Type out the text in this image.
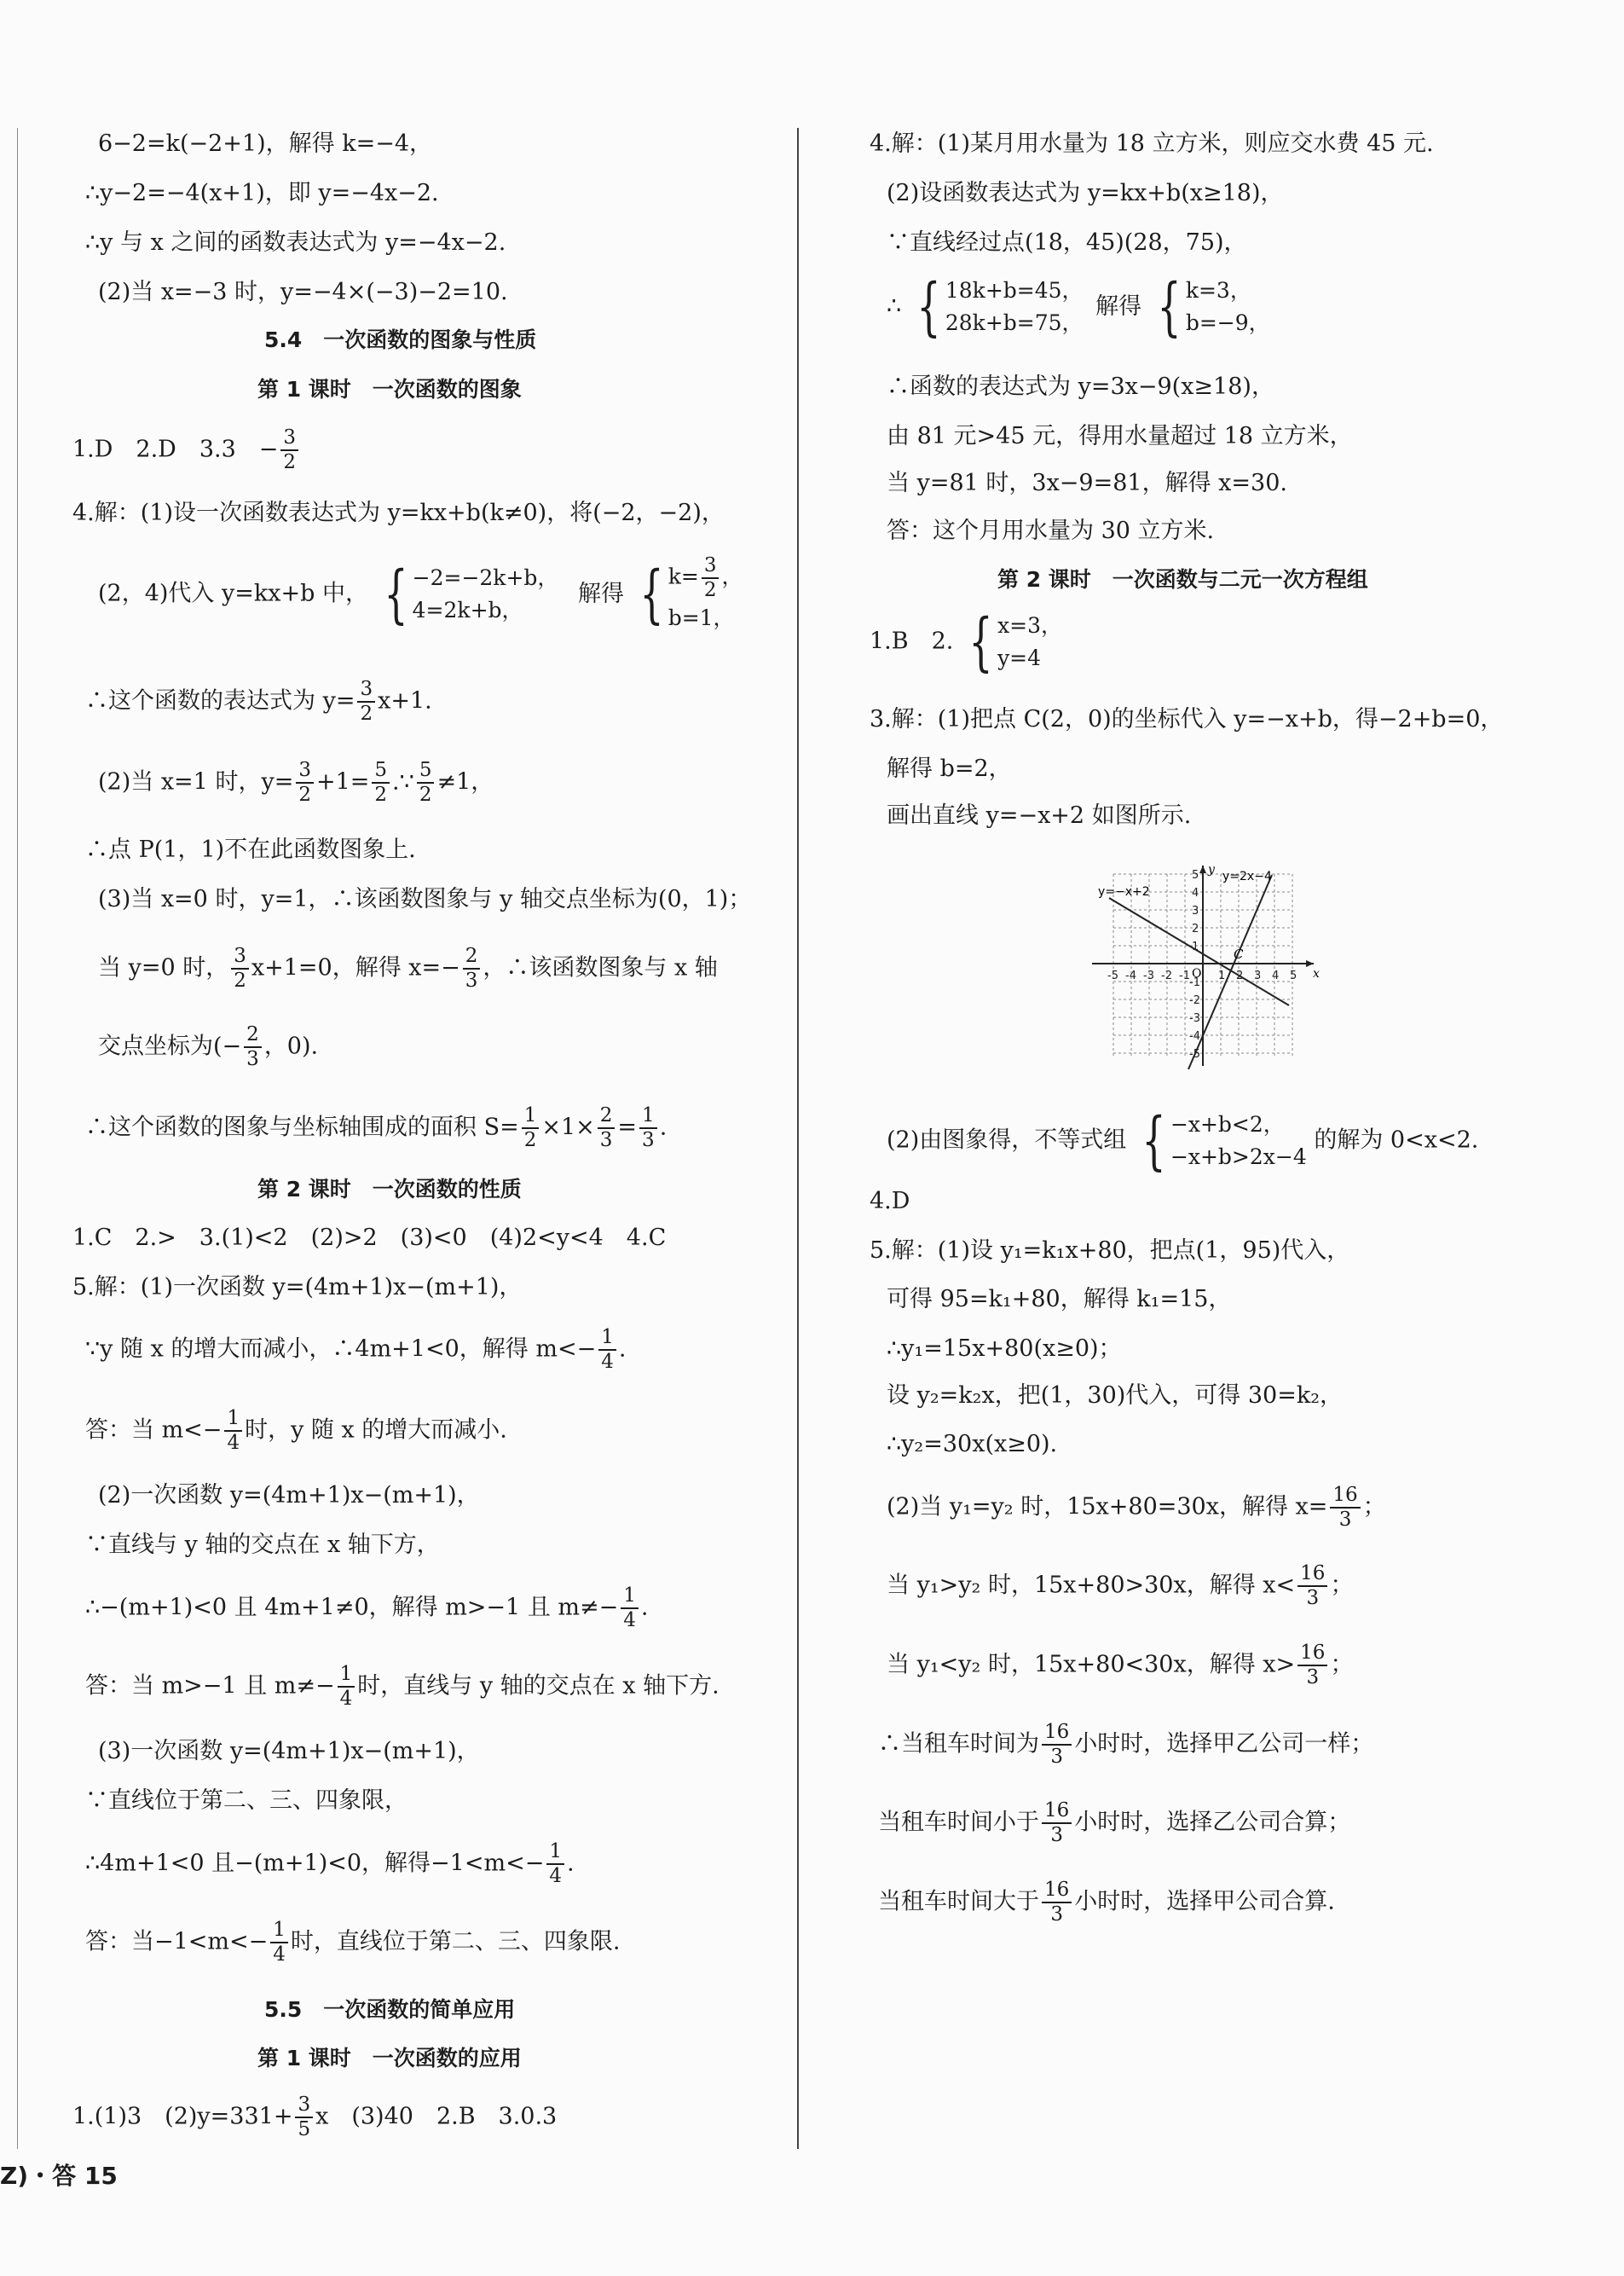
6−2=k(−2+1)，解得 k=−4，
∴y−2=−4(x+1)，即 y=−4x−2.
∴y 与 x 之间的函数表达式为 y=−4x−2.
(2)当 x=−3 时，y=−4×(−3)−2=10.
5.4　一次函数的图象与性质
第 1 课时　一次函数的图象
1.D　2.D　3.3　− $\frac{3}{2}$
4.解：(1)设一次函数表达式为 y=kx+b(k≠0)，将(−2，−2)，
(2，4)代入 y=kx+b 中， { −2=−2k+b，
4=2k+b，
解得 { $k= \frac{3}{2}$ ，
b=1，
∴这个函数的表达式为 $y= \frac{3}{2} x+1$.
(2)当 x=1 时，$y= \frac{3}{2} +1= \frac{5}{2}$ .∵ $\frac{5}{2} \ne 1$，
∴点 P(1，1)不在此函数图象上.
(3)当 x=0 时，y=1，∴该函数图象与 y 轴交点坐标为(0，1)；
当 y=0 时， $\frac{3}{2} x+1=0$，解得 $x=- \frac{2}{3}$ ，∴该函数图象与 x 轴
交点坐标为(− $\frac{2}{3}$ ，0).
∴这个函数的图象与坐标轴围成的面积 $S= \frac{1}{2} \times 1\times \frac{2}{3} = \frac{1}{3}$ .
第 2 课时　一次函数的性质
1.C　2.>　3.(1)<2　(2)>2　(3)<0　(4)2<y<4　4.C
5.解：(1)一次函数 y=(4m+1)x−(m+1)，
∵y 随 x 的增大而减小，∴4m+1<0，解得 $m<- \frac{1}{4}$ .
答：当 $m<- \frac{1}{4}$ 时，y 随 x 的增大而减小.
(2)一次函数 y=(4m+1)x−(m+1)，
∵直线与 y 轴的交点在 x 轴下方，
∴−(m+1)<0 且 4m+1≠0，解得 m>−1 且 $m\ne- \frac{1}{4}$ .
答：当 m>−1 且 $m\ne- \frac{1}{4}$ 时，直线与 y 轴的交点在 x 轴下方.
(3)一次函数 y=(4m+1)x−(m+1)，
∵直线位于第二、三、四象限，
∴4m+1<0 且−(m+1)<0，解得$-1<m<- \frac{1}{4}$ .
答：当$-1<m<- \frac{1}{4}$ 时，直线位于第二、三、四象限.
5.5　一次函数的简单应用
第 1 课时　一次函数的应用
1.(1)3　$(2)y=331+ \frac{3}{5}$ x　(3)40　2.B　3.0.3
4.解：(1)某月用水量为 18 立方米，则应交水费 45 元.
(2)设函数表达式为 y=kx+b(x≥18)，
∵直线经过点(18，45)(28，75)，
∴ { 18k+b=45，
28k+b=75，
解得 { k=3，
b=−9，
∴函数的表达式为 y=3x−9(x≥18)，
由 81 元>45 元，得用水量超过 18 立方米，
当 y=81 时，3x−9=81，解得 x=30.
答：这个月用水量为 30 立方米.
第 2 课时　一次函数与二元一次方程组
1.B　2. { x=3，
y=4
3.解：(1)把点 C(2，0)的坐标代入 y=−x+b，得−2+b=0，
解得 b=2，
画出直线 y=−x+2 如图所示.
y=2x−4
y=−x+2
C
x
y
O
-5 -4 -3 -2 -1	1 2 3 4 5
5
4
3
2
1
-1
-2
-3
-4
-5
(2)由图象得，不等式组 { −x+b<2，
−x+b>2x−4
的解为 0<x<2.
4.D
5.解：(1)设 y₁=k₁x+80，把点(1，95)代入，
可得 95=k₁+80，解得 k₁=15，
∴y₁=15x+80(x≥0)；
设 y₂=k₂x，把(1，30)代入，可得 30=k₂，
∴y₂=30x(x≥0).
(2)当 y₁=y₂ 时，15x+80=30x，解得 $x= \frac{16}{3}$ ；
当 y₁>y₂ 时，15x+80>30x，解得 $x< \frac{16}{3}$ ；
当 y₁<y₂ 时，15x+80<30x，解得 $x> \frac{16}{3}$ ；
∴当租车时间为 $\frac{16}{3}$ 小时时，选择甲乙公司一样；
当租车时间小于 $\frac{16}{3}$ 小时时，选择乙公司合算；
当租车时间大于 $\frac{16}{3}$ 小时时，选择甲公司合算.
Z)・答 15
